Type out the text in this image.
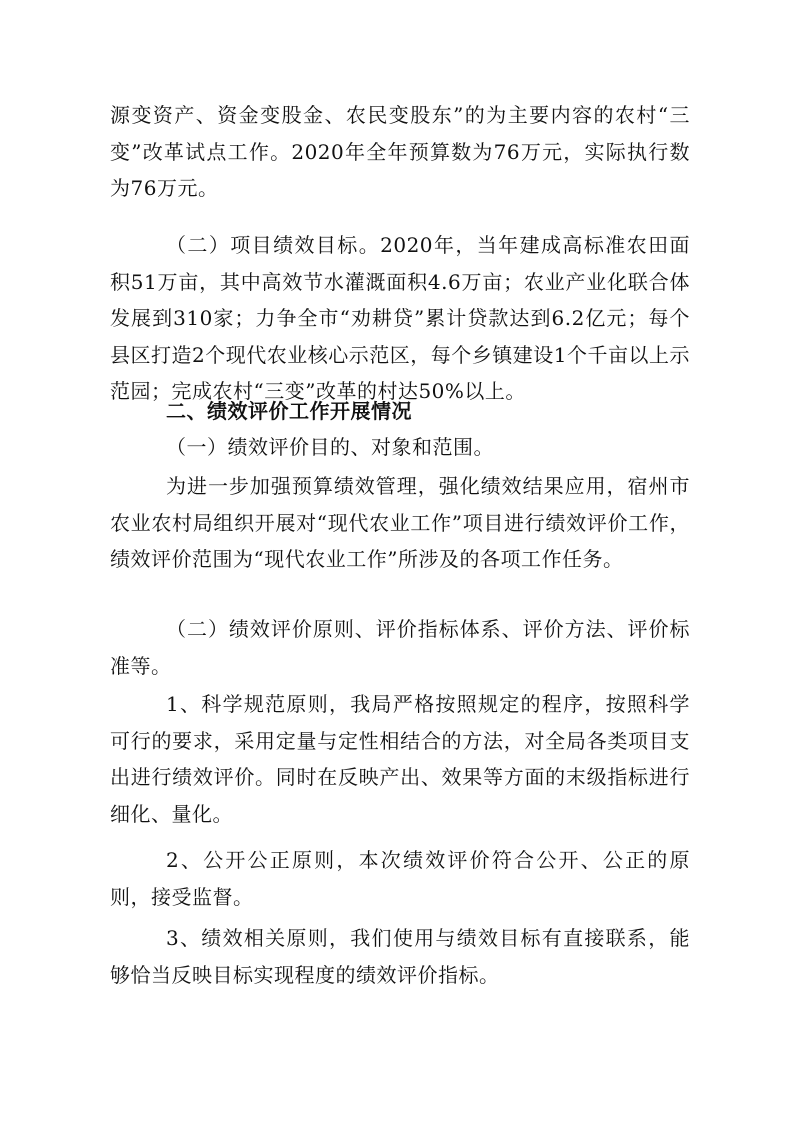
源变资产、资金变股金、农民变股东”的为主要内容的农村“三变”改革试点工作。2020年全年预算数为76万元，实际执行数为76万元。

（二）项目绩效目标。2020年，当年建成高标准农田面积51万亩，其中高效节水灌溉面积4.6万亩；农业产业化联合体发展到310家；力争全市“劝耕贷”累计贷款达到6.2亿元；每个县区打造2个现代农业核心示范区，每个乡镇建设1个千亩以上示范园；完成农村“三变”改革的村达50%以上。

二、绩效评价工作开展情况

（一）绩效评价目的、对象和范围。

为进一步加强预算绩效管理，强化绩效结果应用，宿州市农业农村局组织开展对“现代农业工作”项目进行绩效评价工作，绩效评价范围为“现代农业工作”所涉及的各项工作任务。

（二）绩效评价原则、评价指标体系、评价方法、评价标准等。

1、科学规范原则，我局严格按照规定的程序，按照科学可行的要求，采用定量与定性相结合的方法，对全局各类项目支出进行绩效评价。同时在反映产出、效果等方面的末级指标进行细化、量化。

2、公开公正原则，本次绩效评价符合公开、公正的原则，接受监督。

3、绩效相关原则，我们使用与绩效目标有直接联系，能够恰当反映目标实现程度的绩效评价指标。
